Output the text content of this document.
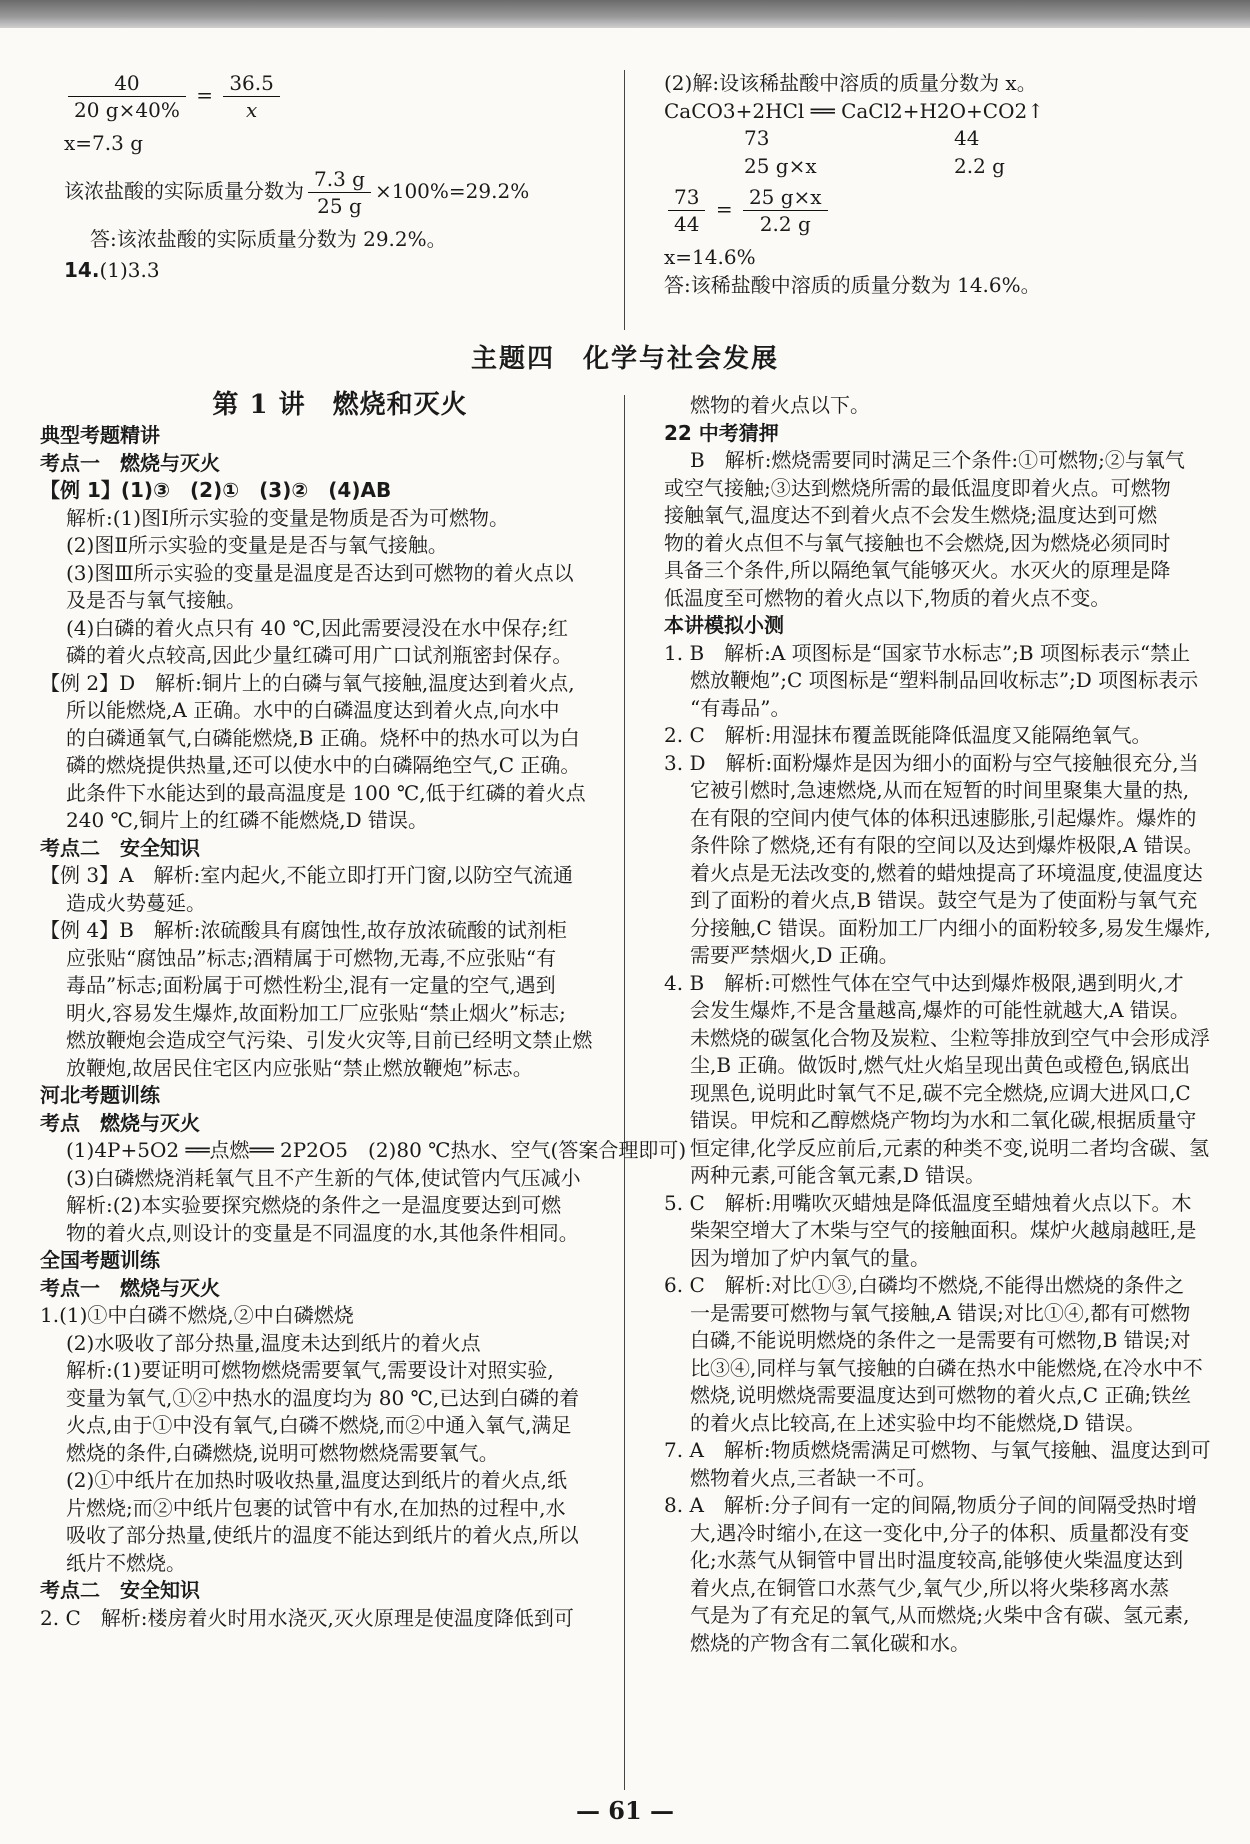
$\frac{40}{20 g\times 40\%} = \frac{36.5}{x}$

x=7.3 g

该浓盐酸的实际质量分数为 $\frac{7.3 g}{25 g} \times 100\%=29.2\%$

答:该浓盐酸的实际质量分数为 29.2%。

14.(1)3.3

(2)解:设该稀盐酸中溶质的质量分数为 x。

CaCO3+2HCl ══ CaCl2+H2O+CO2↑

73	44

25 g×x	2.2 g

$\frac{73}{44} = \frac{25 g\times x}{2.2 g}$

x=14.6%

答:该稀盐酸中溶质的质量分数为 14.6%。

主题四　化学与社会发展
第 1 讲　燃烧和灭火

典型考题精讲

考点一　燃烧与灭火

【例 1】(1)③　(2)①　(3)②　(4)AB

解析:(1)图Ⅰ所示实验的变量是物质是否为可燃物。

(2)图Ⅱ所示实验的变量是是否与氧气接触。

(3)图Ⅲ所示实验的变量是温度是否达到可燃物的着火点以

及是否与氧气接触。

(4)白磷的着火点只有 40 ℃,因此需要浸没在水中保存;红

磷的着火点较高,因此少量红磷可用广口试剂瓶密封保存。

【例 2】D　解析:铜片上的白磷与氧气接触,温度达到着火点,

所以能燃烧,A 正确。水中的白磷温度达到着火点,向水中

的白磷通氧气,白磷能燃烧,B 正确。烧杯中的热水可以为白

磷的燃烧提供热量,还可以使水中的白磷隔绝空气,C 正确。

此条件下水能达到的最高温度是 100 ℃,低于红磷的着火点

240 ℃,铜片上的红磷不能燃烧,D 错误。

考点二　安全知识

【例 3】A　解析:室内起火,不能立即打开门窗,以防空气流通

造成火势蔓延。

【例 4】B　解析:浓硫酸具有腐蚀性,故存放浓硫酸的试剂柜

应张贴“腐蚀品”标志;酒精属于可燃物,无毒,不应张贴“有

毒品”标志;面粉属于可燃性粉尘,混有一定量的空气,遇到

明火,容易发生爆炸,故面粉加工厂应张贴“禁止烟火”标志;

燃放鞭炮会造成空气污染、引发火灾等,目前已经明文禁止燃

放鞭炮,故居民住宅区内应张贴“禁止燃放鞭炮”标志。

河北考题训练

考点　燃烧与灭火

(1)4P+5O2 ══点燃══ 2P2O5　(2)80 ℃热水、空气(答案合理即可)

(3)白磷燃烧消耗氧气且不产生新的气体,使试管内气压减小

解析:(2)本实验要探究燃烧的条件之一是温度要达到可燃

物的着火点,则设计的变量是不同温度的水,其他条件相同。

全国考题训练

考点一　燃烧与灭火

1.(1)①中白磷不燃烧,②中白磷燃烧

(2)水吸收了部分热量,温度未达到纸片的着火点

解析:(1)要证明可燃物燃烧需要氧气,需要设计对照实验,

变量为氧气,①②中热水的温度均为 80 ℃,已达到白磷的着

火点,由于①中没有氧气,白磷不燃烧,而②中通入氧气,满足

燃烧的条件,白磷燃烧,说明可燃物燃烧需要氧气。

(2)①中纸片在加热时吸收热量,温度达到纸片的着火点,纸

片燃烧;而②中纸片包裹的试管中有水,在加热的过程中,水

吸收了部分热量,使纸片的温度不能达到纸片的着火点,所以

纸片不燃烧。

考点二　安全知识

2. C　解析:楼房着火时用水浇灭,灭火原理是使温度降低到可

燃物的着火点以下。

22 中考猜押

B　解析:燃烧需要同时满足三个条件:①可燃物;②与氧气

或空气接触;③达到燃烧所需的最低温度即着火点。可燃物

接触氧气,温度达不到着火点不会发生燃烧;温度达到可燃

物的着火点但不与氧气接触也不会燃烧,因为燃烧必须同时

具备三个条件,所以隔绝氧气能够灭火。水灭火的原理是降

低温度至可燃物的着火点以下,物质的着火点不变。

本讲模拟小测

1. B　解析:A 项图标是“国家节水标志”;B 项图标表示“禁止

燃放鞭炮”;C 项图标是“塑料制品回收标志”;D 项图标表示

“有毒品”。

2. C　解析:用湿抹布覆盖既能降低温度又能隔绝氧气。

3. D　解析:面粉爆炸是因为细小的面粉与空气接触很充分,当

它被引燃时,急速燃烧,从而在短暂的时间里聚集大量的热,

在有限的空间内使气体的体积迅速膨胀,引起爆炸。爆炸的

条件除了燃烧,还有有限的空间以及达到爆炸极限,A 错误。

着火点是无法改变的,燃着的蜡烛提高了环境温度,使温度达

到了面粉的着火点,B 错误。鼓空气是为了使面粉与氧气充

分接触,C 错误。面粉加工厂内细小的面粉较多,易发生爆炸,

需要严禁烟火,D 正确。

4. B　解析:可燃性气体在空气中达到爆炸极限,遇到明火,才

会发生爆炸,不是含量越高,爆炸的可能性就越大,A 错误。

未燃烧的碳氢化合物及炭粒、尘粒等排放到空气中会形成浮

尘,B 正确。做饭时,燃气灶火焰呈现出黄色或橙色,锅底出

现黑色,说明此时氧气不足,碳不完全燃烧,应调大进风口,C

错误。甲烷和乙醇燃烧产物均为水和二氧化碳,根据质量守

恒定律,化学反应前后,元素的种类不变,说明二者均含碳、氢

两种元素,可能含氧元素,D 错误。

5. C　解析:用嘴吹灭蜡烛是降低温度至蜡烛着火点以下。木

柴架空增大了木柴与空气的接触面积。煤炉火越扇越旺,是

因为增加了炉内氧气的量。

6. C　解析:对比①③,白磷均不燃烧,不能得出燃烧的条件之

一是需要可燃物与氧气接触,A 错误;对比①④,都有可燃物

白磷,不能说明燃烧的条件之一是需要有可燃物,B 错误;对

比③④,同样与氧气接触的白磷在热水中能燃烧,在冷水中不

燃烧,说明燃烧需要温度达到可燃物的着火点,C 正确;铁丝

的着火点比较高,在上述实验中均不能燃烧,D 错误。

7. A　解析:物质燃烧需满足可燃物、与氧气接触、温度达到可

燃物着火点,三者缺一不可。

8. A　解析:分子间有一定的间隔,物质分子间的间隔受热时增

大,遇冷时缩小,在这一变化中,分子的体积、质量都没有变

化;水蒸气从铜管中冒出时温度较高,能够使火柴温度达到

着火点,在铜管口水蒸气少,氧气少,所以将火柴移离水蒸

气是为了有充足的氧气,从而燃烧;火柴中含有碳、氢元素,

燃烧的产物含有二氧化碳和水。

— 61 —
